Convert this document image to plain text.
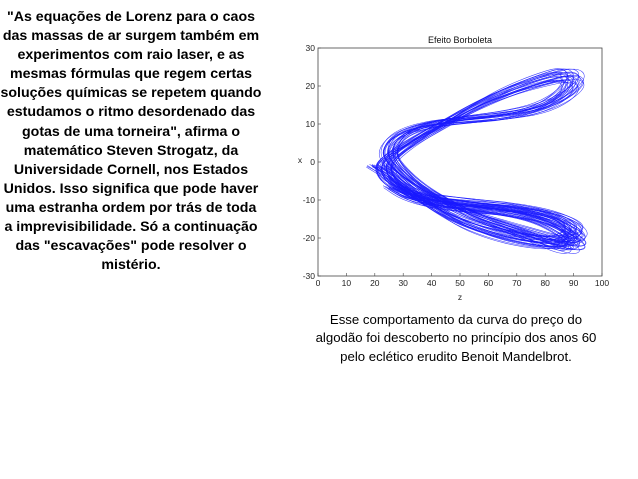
"As equações de Lorenz para o caos das massas de ar surgem também em experimentos com raio laser, e as mesmas fórmulas que regem certas soluções químicas se repetem quando estudamos o ritmo desordenado das gotas de uma torneira", afirma o matemático Steven Strogatz, da Universidade Cornell, nos Estados Unidos. Isso significa que pode haver uma estranha ordem por trás de toda a imprevisibilidade. Só a continuação das "escavações" pode resolver o mistério.
Efeito Borboleta
z
x
0	10 20 30 40 50 60 70 80 90 100
30
20
10
0
-10
-20
-30
Esse comportamento da curva do preço do algodão foi descoberto no princípio dos anos 60 pelo eclético erudito Benoit Mandelbrot.
